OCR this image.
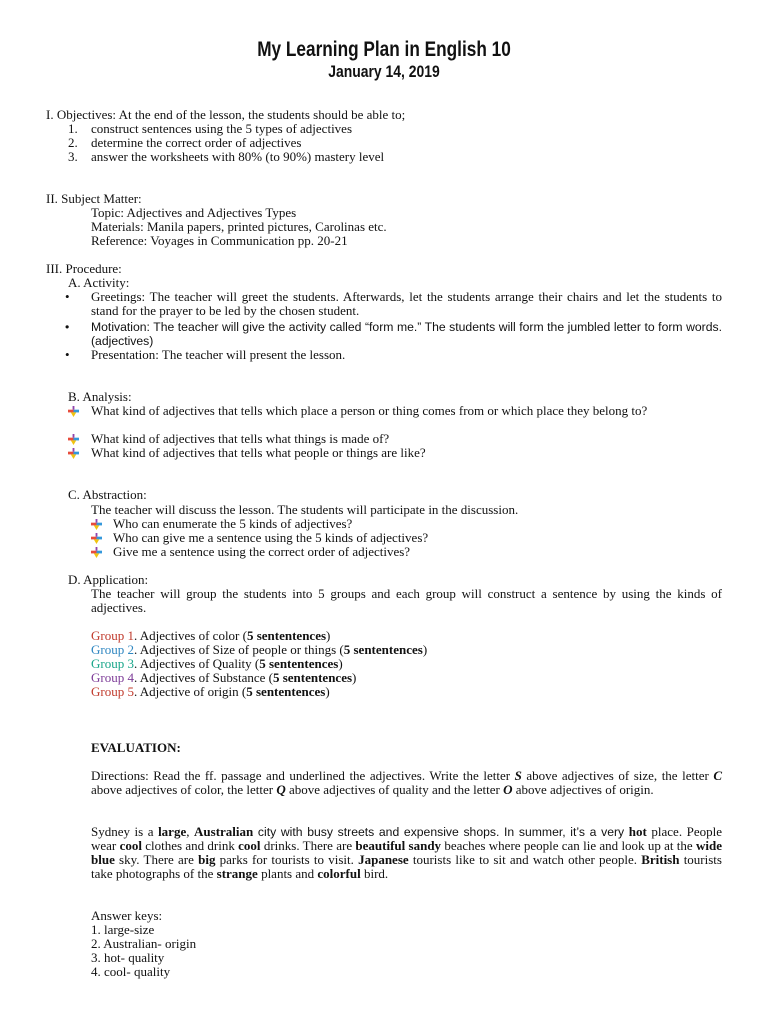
My Learning Plan in English 10
January 14, 2019
I. Objectives: At the end of the lesson, the students should be able to;
1. construct sentences using the 5 types of adjectives
2. determine the correct order of adjectives
3. answer the worksheets with 80% (to 90%) mastery level
II. Subject Matter:
Topic: Adjectives and Adjectives Types
Materials: Manila papers, printed pictures, Carolinas etc.
Reference: Voyages in Communication pp. 20-21
III. Procedure:
A. Activity:
• Greetings: The teacher will greet the students. Afterwards, let the students arrange their chairs and let the students to stand for the prayer to be led by the chosen student.
• Motivation: The teacher will give the activity called “form me.” The students will form the jumbled letter to form words. (adjectives)
• Presentation: The teacher will present the lesson.
B. Analysis:
What kind of adjectives that tells which place a person or thing comes from or which place they belong to?
What kind of adjectives that tells what things is made of?
What kind of adjectives that tells what people or things are like?
C. Abstraction:
The teacher will discuss the lesson. The students will participate in the discussion.
Who can enumerate the 5 kinds of adjectives?
Who can give me a sentence using the 5 kinds of adjectives?
Give me a sentence using the correct order of adjectives?
D. Application:
The teacher will group the students into 5 groups and each group will construct a sentence by using the kinds of adjectives.
Group 1. Adjectives of color (5 sententences)
Group 2. Adjectives of Size of people or things (5 sententences)
Group 3. Adjectives of Quality (5 sententences)
Group 4. Adjectives of Substance (5 sententences)
Group 5. Adjective of origin (5 sententences)
EVALUATION:
Directions: Read the ff. passage and underlined the adjectives. Write the letter S above adjectives of size, the letter C above adjectives of color, the letter Q above adjectives of quality and the letter O above adjectives of origin.
Sydney is a large, Australian city with busy streets and expensive shops. In summer, it’s a very hot place. People wear cool clothes and drink cool drinks. There are beautiful sandy beaches where people can lie and look up at the wide blue sky. There are big parks for tourists to visit. Japanese tourists like to sit and watch other people. British tourists take photographs of the strange plants and colorful bird.
Answer keys:
1. large-size
2. Australian- origin
3. hot- quality
4. cool- quality
